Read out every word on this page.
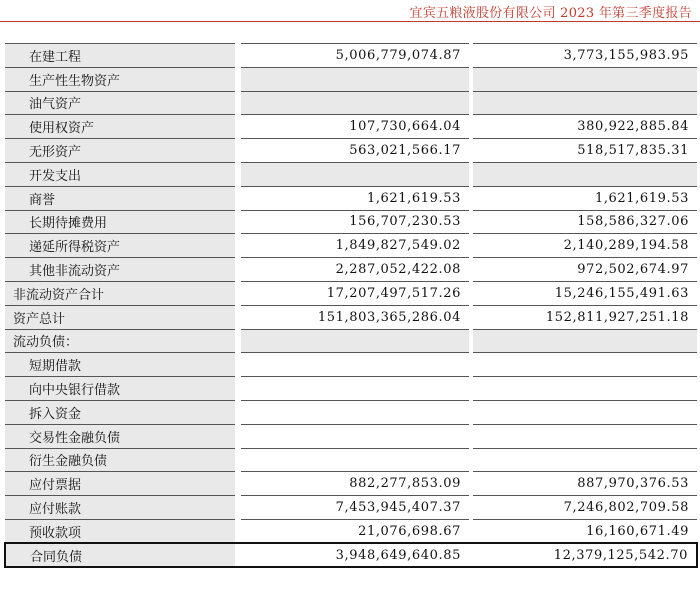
宜宾五粮液股份有限公司 2023 年第三季度报告
在建工程		5,006,779,074.87		3,773,155,983.95
生产性生物资产				
油气资产				
使用权资产		107,730,664.04		380,922,885.84
无形资产		563,021,566.17		518,517,835.31
开发支出				
商誉		1,621,619.53		1,621,619.53
长期待摊费用		156,707,230.53		158,586,327.06
递延所得税资产		1,849,827,549.02		2,140,289,194.58
其他非流动资产		2,287,052,422.08		972,502,674.97
非流动资产合计		17,207,497,517.26		15,246,155,491.63
资产总计		151,803,365,286.04		152,811,927,251.18
流动负债：				
短期借款				
向中央银行借款				
拆入资金				
交易性金融负债				
衍生金融负债				
应付票据		882,277,853.09		887,970,376.53
应付账款		7,453,945,407.37		7,246,802,709.58
预收款项		21,076,698.67		16,160,671.49
合同负债		3,948,649,640.85		12,379,125,542.70
